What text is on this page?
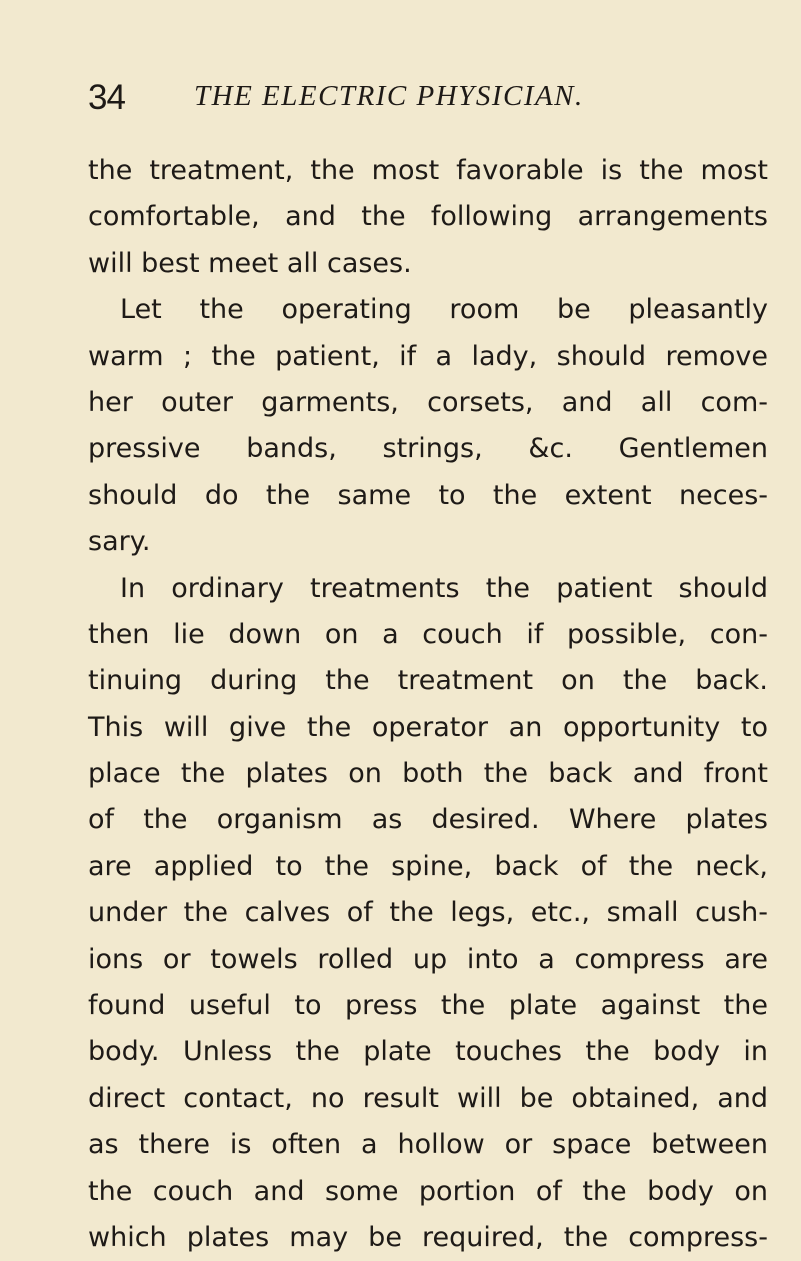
34 THE ELECTRIC PHYSICIAN.
the treatment, the most favorable is the most
comfortable, and the following arrangements
will best meet all cases.
Let the operating room be pleasantly
warm ; the patient, if a lady, should remove
her outer garments, corsets, and all com-
pressive bands, strings, &c. Gentlemen
should do the same to the extent neces-
sary.
In ordinary treatments the patient should
then lie down on a couch if possible, con-
tinuing during the treatment on the back.
This will give the operator an opportunity to
place the plates on both the back and front
of the organism as desired. Where plates
are applied to the spine, back of the neck,
under the calves of the legs, etc., small cush-
ions or towels rolled up into a compress are
found useful to press the plate against the
body. Unless the plate touches the body in
direct contact, no result will be obtained, and
as there is often a hollow or space between
the couch and some portion of the body on
which plates may be required, the compress-
